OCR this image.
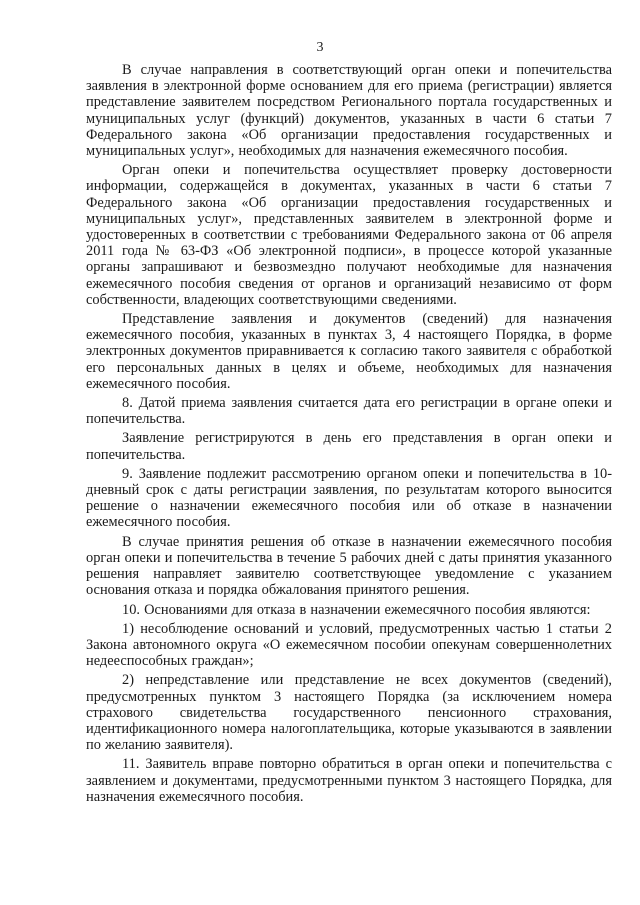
3

В случае направления в соответствующий орган опеки и попечительства заявления в электронной форме основанием для его приема (регистрации) является представление заявителем посредством Регионального портала государственных и муниципальных услуг (функций) документов, указанных в части 6 статьи 7 Федерального закона «Об организации предоставления государственных и муниципальных услуг», необходимых для назначения ежемесячного пособия.

Орган опеки и попечительства осуществляет проверку достоверности информации, содержащейся в документах, указанных в части 6 статьи 7 Федерального закона «Об организации предоставления государственных и муниципальных услуг», представленных заявителем в электронной форме и удостоверенных в соответствии с требованиями Федерального закона от 06 апреля 2011 года № 63-ФЗ «Об электронной подписи», в процессе которой указанные органы запрашивают и безвозмездно получают необходимые для назначения ежемесячного пособия сведения от органов и организаций независимо от форм собственности, владеющих соответствующими сведениями.

Представление заявления и документов (сведений) для назначения ежемесячного пособия, указанных в пунктах 3, 4 настоящего Порядка, в форме электронных документов приравнивается к согласию такого заявителя с обработкой его персональных данных в целях и объеме, необходимых для назначения ежемесячного пособия.

8. Датой приема заявления считается дата его регистрации в органе опеки и попечительства.

Заявление регистрируются в день его представления в орган опеки и попечительства.

9. Заявление подлежит рассмотрению органом опеки и попечительства в 10-дневный срок с даты регистрации заявления, по результатам которого выносится решение о назначении ежемесячного пособия или об отказе в назначении ежемесячного пособия.

В случае принятия решения об отказе в назначении ежемесячного пособия орган опеки и попечительства в течение 5 рабочих дней с даты принятия указанного решения направляет заявителю соответствующее уведомление с указанием основания отказа и порядка обжалования принятого решения.

10. Основаниями для отказа в назначении ежемесячного пособия являются:

1) несоблюдение оснований и условий, предусмотренных частью 1 статьи 2 Закона автономного округа «О ежемесячном пособии опекунам совершеннолетних недееспособных граждан»;

2) непредставление или представление не всех документов (сведений), предусмотренных пунктом 3 настоящего Порядка (за исключением номера страхового свидетельства государственного пенсионного страхования, идентификационного номера налогоплательщика, которые указываются в заявлении по желанию заявителя).

11. Заявитель вправе повторно обратиться в орган опеки и попечительства с заявлением и документами, предусмотренными пунктом 3 настоящего Порядка, для назначения ежемесячного пособия.
